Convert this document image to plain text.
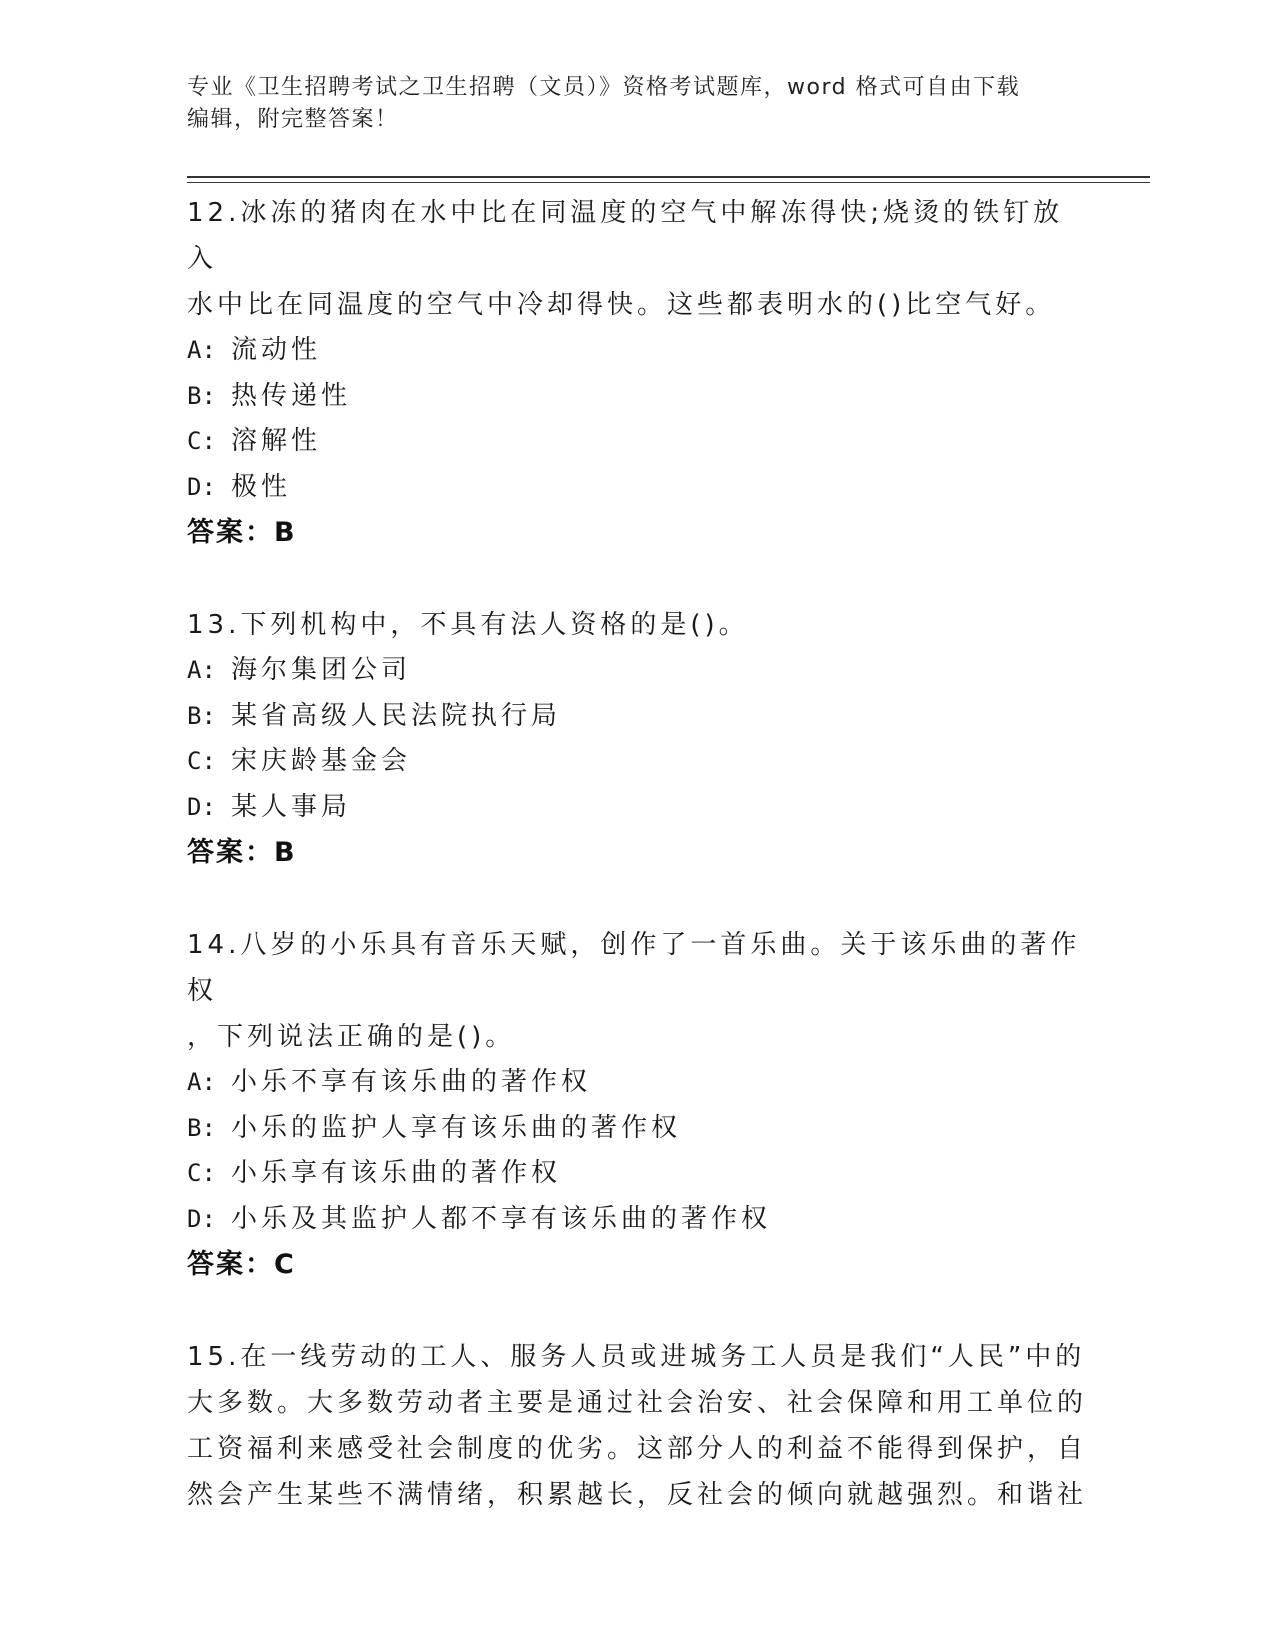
专业《卫生招聘考试之卫生招聘（文员）》资格考试题库，word 格式可自由下载

编辑，附完整答案！

12.冰冻的猪肉在水中比在同温度的空气中解冻得快;烧烫的铁钉放入

水中比在同温度的空气中冷却得快。这些都表明水的()比空气好。

A: 流动性

B: 热传递性

C: 溶解性

D: 极性

答案：B

13.下列机构中，不具有法人资格的是()。

A: 海尔集团公司

B: 某省高级人民法院执行局

C: 宋庆龄基金会

D: 某人事局

答案：B

14.八岁的小乐具有音乐天赋，创作了一首乐曲。关于该乐曲的著作权

，下列说法正确的是()。

A: 小乐不享有该乐曲的著作权

B: 小乐的监护人享有该乐曲的著作权

C: 小乐享有该乐曲的著作权

D: 小乐及其监护人都不享有该乐曲的著作权

答案：C

15.在一线劳动的工人、服务人员或进城务工人员是我们“人民”中的

大多数。大多数劳动者主要是通过社会治安、社会保障和用工单位的

工资福利来感受社会制度的优劣。这部分人的利益不能得到保护，自

然会产生某些不满情绪，积累越长，反社会的倾向就越强烈。和谐社
